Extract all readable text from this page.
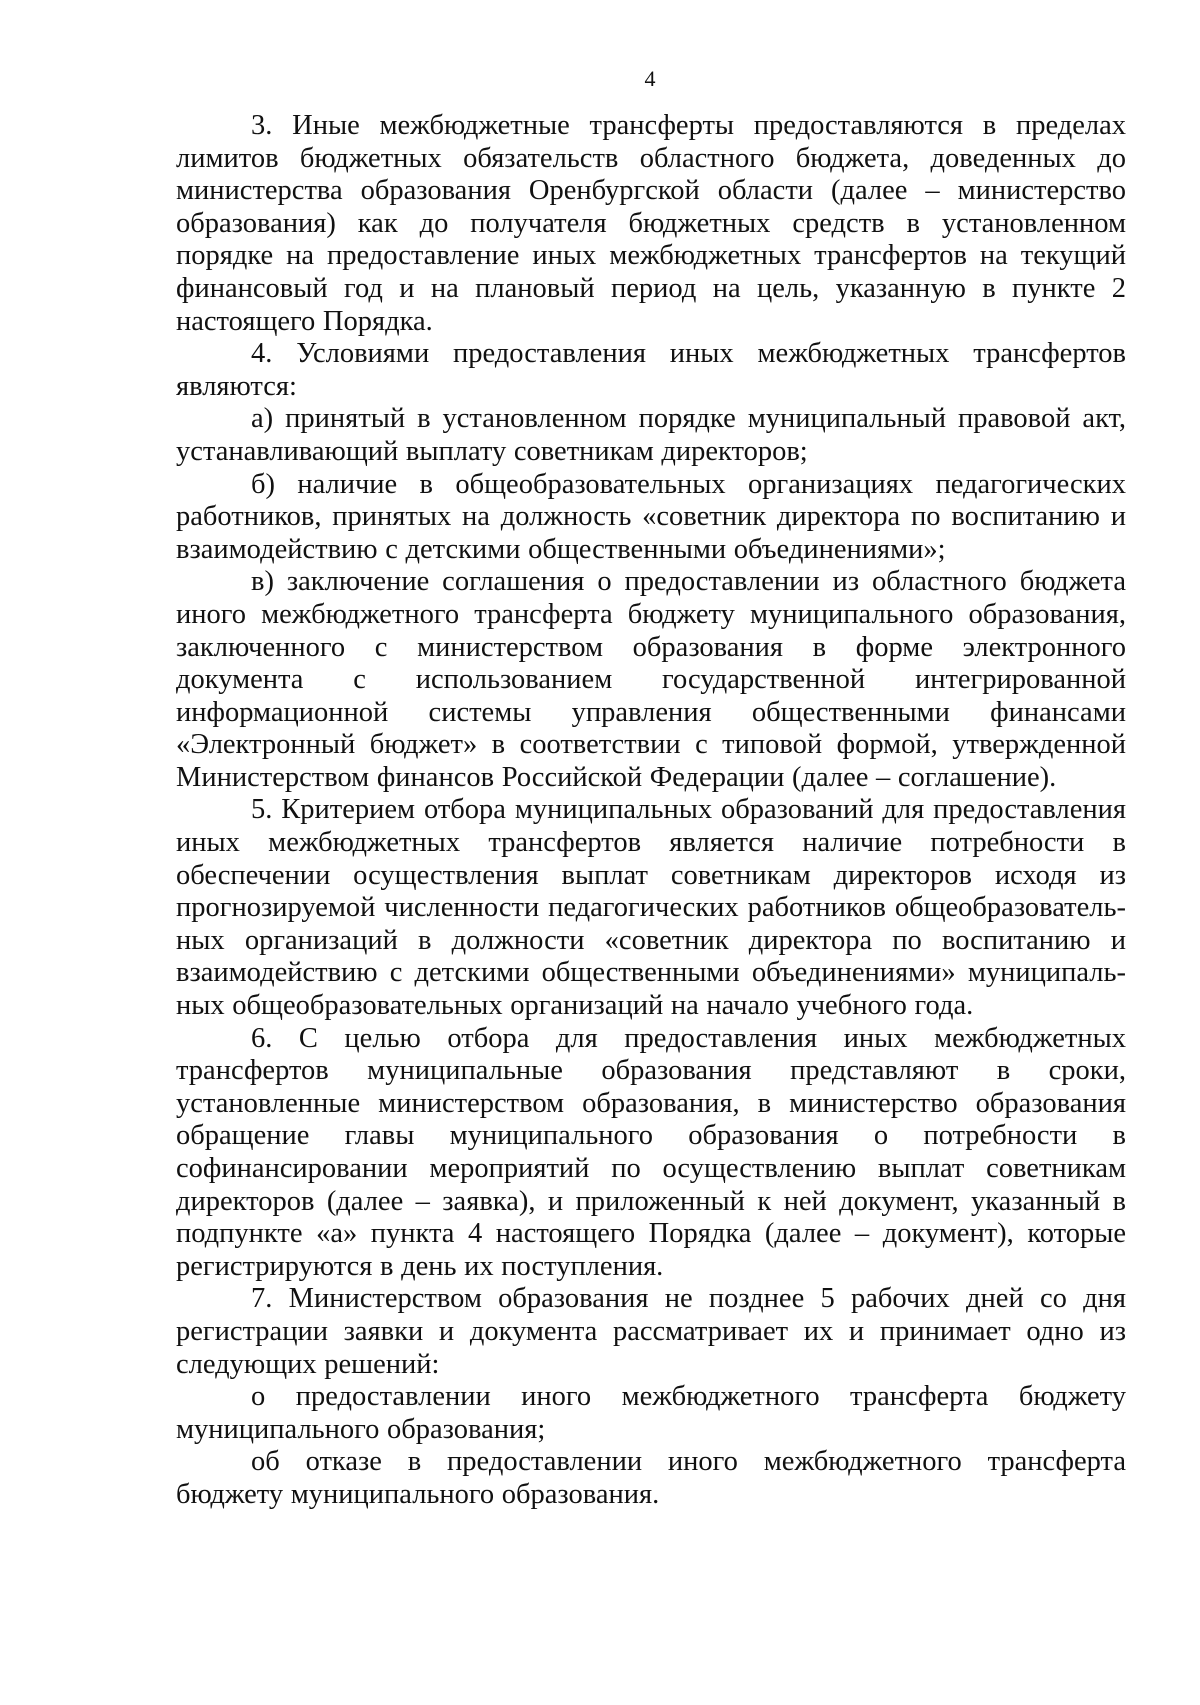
4

3. Иные межбюджетные трансферты предоставляются в пределах лимитов бюджетных обязательств областного бюджета, доведенных до министерства образования Оренбургской области (далее – министерство образования) как до получателя бюджетных средств в установленном порядке на предоставление иных межбюджетных трансфертов на текущий финансовый год и на плановый период на цель, указанную в пункте 2 настоящего Порядка.

4. Условиями предоставления иных межбюджетных трансфертов являются:

а) принятый в установленном порядке муниципальный правовой акт, устанавливающий выплату советникам директоров;

б) наличие в общеобразовательных организациях педагогических работников, принятых на должность «советник директора по воспитанию и взаимодействию с детскими общественными объединениями»;

в) заключение соглашения о предоставлении из областного бюджета иного межбюджетного трансферта бюджету муниципального образования, заключенного с министерством образования в форме электронного документа с использованием государственной интегрированной информационной системы управления общественными финансами «Электронный бюджет» в соответствии с типовой формой, утвержденной Министерством финансов Российской Федерации (далее – соглашение).

5. Критерием отбора муниципальных образований для предоставления иных межбюджетных трансфертов является наличие потребности в обеспечении осуществления выплат советникам директоров исходя из прогнозируемой численности педагогических работников общеобразовательных организаций в должности «советник директора по воспитанию и взаимодействию с детскими общественными объединениями» муниципальных общеобразовательных организаций на начало учебного года.

6. С целью отбора для предоставления иных межбюджетных трансфертов муниципальные образования представляют в сроки, установленные министерством образования, в министерство образования обращение главы муниципального образования о потребности в софинансировании мероприятий по осуществлению выплат советникам директоров (далее – заявка), и приложенный к ней документ, указанный в подпункте «а» пункта 4 настоящего Порядка (далее – документ), которые регистрируются в день их поступления.

7. Министерством образования не позднее 5 рабочих дней со дня регистрации заявки и документа рассматривает их и принимает одно из следующих решений:

о предоставлении иного межбюджетного трансферта бюджету муниципального образования;

об отказе в предоставлении иного межбюджетного трансферта бюджету муниципального образования.
